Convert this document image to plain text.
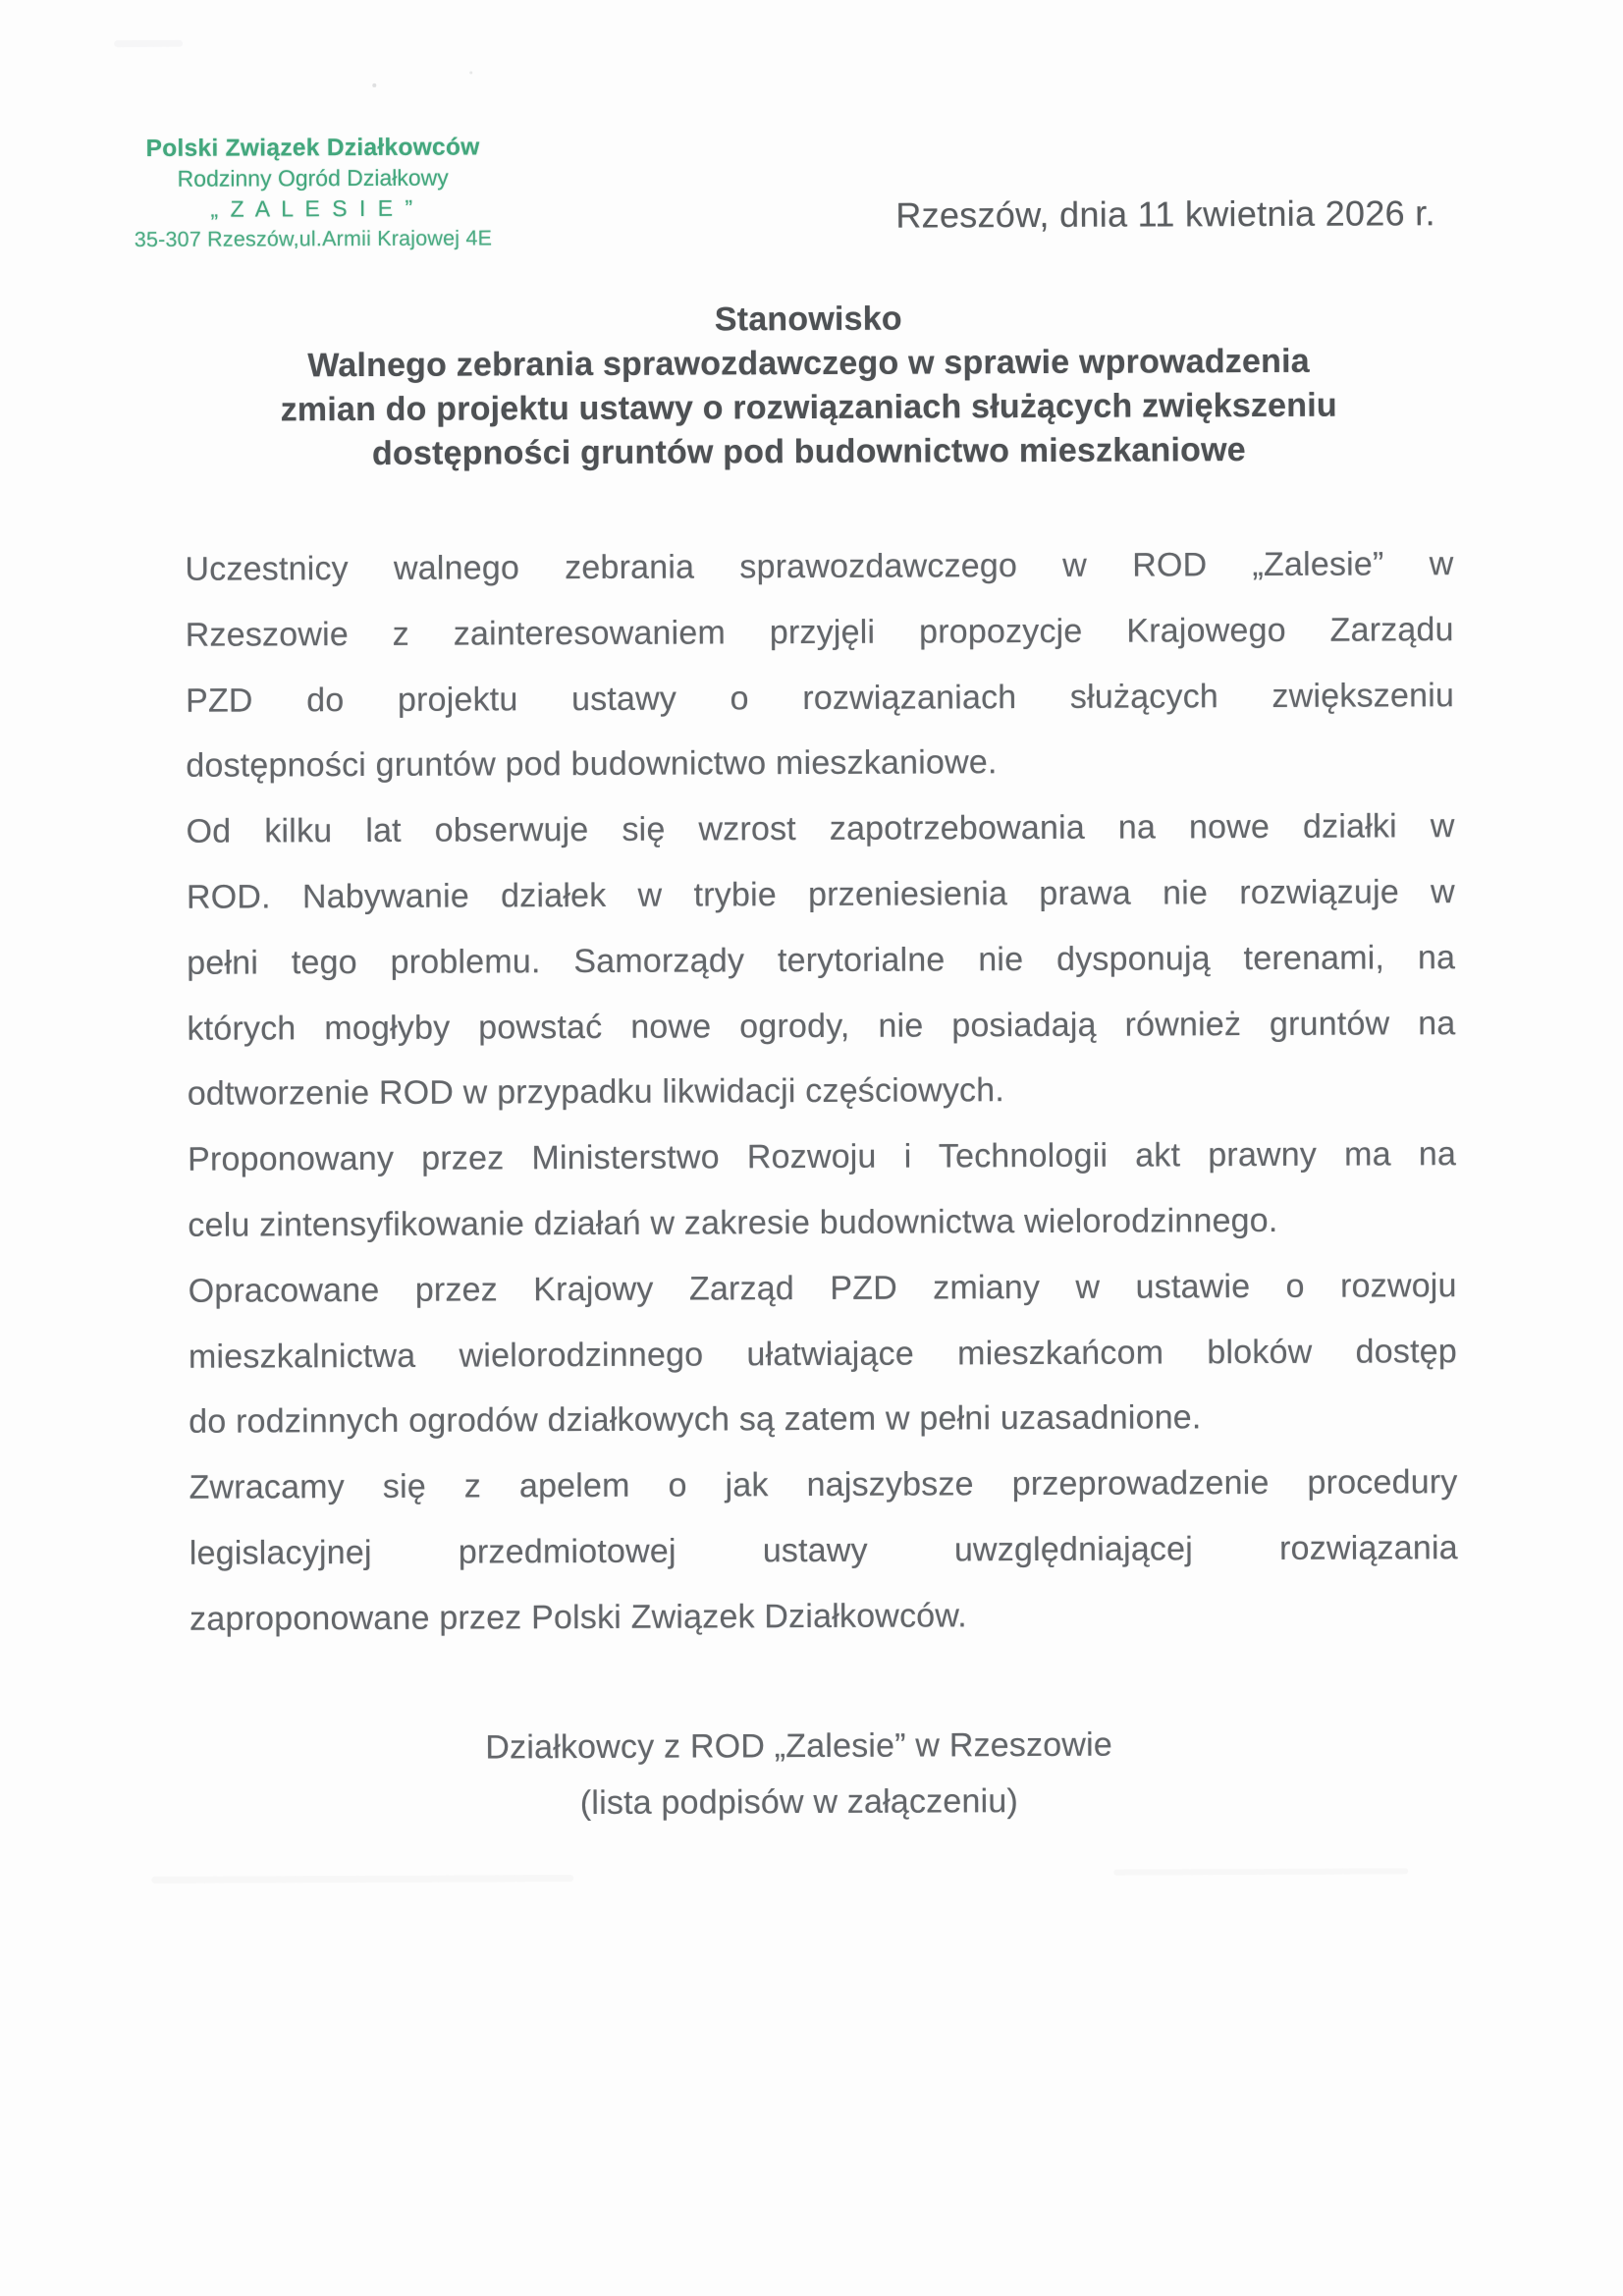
Polski Związek Działkowców
Rodzinny Ogród Działkowy
„ Z A L E S I E ”
35-307 Rzeszów,ul.Armii Krajowej 4E
Rzeszów, dnia 11 kwietnia 2026 r.
Stanowisko
Walnego zebrania sprawozdawczego w sprawie wprowadzenia
zmian do projektu ustawy o rozwiązaniach służących zwiększeniu
dostępności gruntów pod budownictwo mieszkaniowe

Uczestnicy walnego zebrania sprawozdawczego w ROD „Zalesie” w
Rzeszowie z zainteresowaniem przyjęli propozycje Krajowego Zarządu
PZD do projektu ustawy o rozwiązaniach służących zwiększeniu
dostępności gruntów pod budownictwo mieszkaniowe.

Od kilku lat obserwuje się wzrost zapotrzebowania na nowe działki w
ROD. Nabywanie działek w trybie przeniesienia prawa nie rozwiązuje w
pełni tego problemu. Samorządy terytorialne nie dysponują terenami, na
których mogłyby powstać nowe ogrody, nie posiadają również gruntów na
odtworzenie ROD w przypadku likwidacji częściowych.

Proponowany przez Ministerstwo Rozwoju i Technologii akt prawny ma na
celu zintensyfikowanie działań w zakresie budownictwa wielorodzinnego.

Opracowane przez Krajowy Zarząd PZD zmiany w ustawie o rozwoju
mieszkalnictwa wielorodzinnego ułatwiające mieszkańcom bloków dostęp
do rodzinnych ogrodów działkowych są zatem w pełni uzasadnione.

Zwracamy się z apelem o jak najszybsze przeprowadzenie procedury
legislacyjnej przedmiotowej ustawy uwzględniającej rozwiązania
zaproponowane przez Polski Związek Działkowców.

Działkowcy z ROD „Zalesie” w Rzeszowie
(lista podpisów w załączeniu)
